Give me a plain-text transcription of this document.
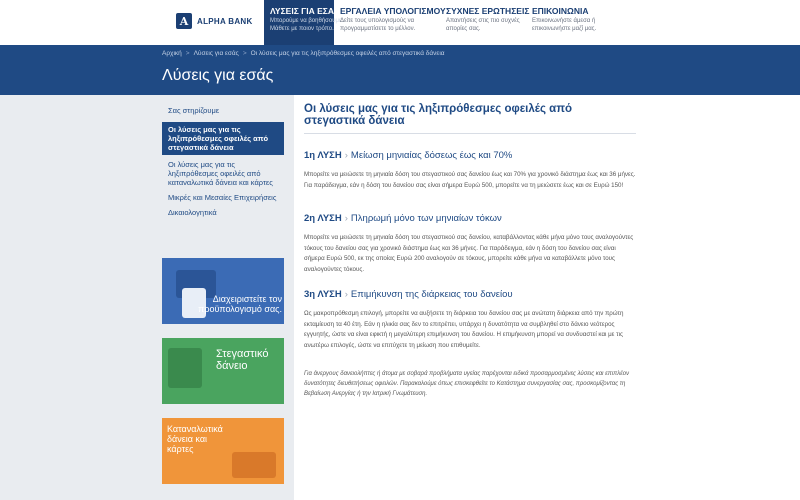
A	ALPHA BANK
ΛΥΣΕΙΣ ΓΙΑ ΕΣΑΣ
Μπορούμε να βοηθήσουμε. Μάθετε με ποιον τρόπο.
ΕΡΓΑΛΕΙΑ ΥΠΟΛΟΓΙΣΜΟΥ
Δείτε τους υπολογισμούς να προγραμματίσετε το μέλλον.
ΣΥΧΝΕΣ ΕΡΩΤΗΣΕΙΣ
Απαντήσεις στις πιο συχνές απορίες σας.
ΕΠΙΚΟΙΝΩΝΙΑ
Επικοινωνήστε άμεσα ή επικοινωνήστε μαζί μας.
Αρχική > Λύσεις για εσάς > Οι λύσεις μας για τις ληξιπρόθεσμες οφειλές από στεγαστικά δάνεια
Λύσεις για εσάς
Σας στηρίζουμε
Οι λύσεις μας για τις ληξιπρόθεσμες οφειλές από στεγαστικά δάνεια
Οι λύσεις μας για τις ληξιπρόθεσμες οφειλές από καταναλωτικά δάνεια και κάρτες
Μικρές και Μεσαίες Επιχειρήσεις
Δικαιολογητικά
Διαχειριστείτε τον προϋπολογισμό σας.
Στεγαστικό δάνειο
Καταναλωτικά δάνεια και κάρτες
Οι λύσεις μας για τις ληξιπρόθεσμες οφειλές από στεγαστικά δάνεια
1η ΛΥΣΗ › Μείωση μηνιαίας δόσεως έως και 70%

Μπορείτε να μειώσετε τη μηνιαία δόση του στεγαστικού σας δανείου έως και 70% για χρονικό διάστημα έως και 36 μήνες. Για παράδειγμα, εάν η δόση του δανείου σας είναι σήμερα Ευρώ 500, μπορείτε να τη μειώσετε έως και σε Ευρώ 150!

2η ΛΥΣΗ › Πληρωμή μόνο των μηνιαίων τόκων

Μπορείτε να μειώσετε τη μηνιαία δόση του στεγαστικού σας δανείου, καταβάλλοντας κάθε μήνα μόνο τους αναλογούντες τόκους του δανείου σας για χρονικό διάστημα έως και 36 μήνες. Για παράδειγμα, εάν η δόση του δανείου σας είναι σήμερα Ευρώ 500, εκ της οποίας Ευρώ 200 αναλογούν σε τόκους, μπορείτε κάθε μήνα να καταβάλλετε μόνο τους αναλογούντες τόκους.

3η ΛΥΣΗ › Επιμήκυνση της διάρκειας του δανείου

Ως μακροπρόθεσμη επιλογή, μπορείτε να αυξήσετε τη διάρκεια του δανείου σας με ανώτατη διάρκεια από την πρώτη εκταμίευση τα 40 έτη. Εάν η ηλικία σας δεν το επιτρέπει, υπάρχει η δυνατότητα να συμβληθεί στο δάνειο νεότερος εγγυητής, ώστε να είναι εφικτή η μεγαλύτερη επιμήκυνση του δανείου. Η επιμήκυνση μπορεί να συνδυαστεί και με τις ανωτέρω επιλογές, ώστε να επιτύχετε τη μείωση που επιθυμείτε.

Για άνεργους δανειολήπτες ή άτομα με σοβαρά προβλήματα υγείας παρέχονται ειδικά προσαρμοσμένες λύσεις και επιπλέον δυνατότητες διευθετήσεως οφειλών. Παρακαλούμε όπως επισκεφθείτε το Κατάστημα συνεργασίας σας, προσκομίζοντας τη Βεβαίωση Ανεργίας ή την Ιατρική Γνωμάτευση.
